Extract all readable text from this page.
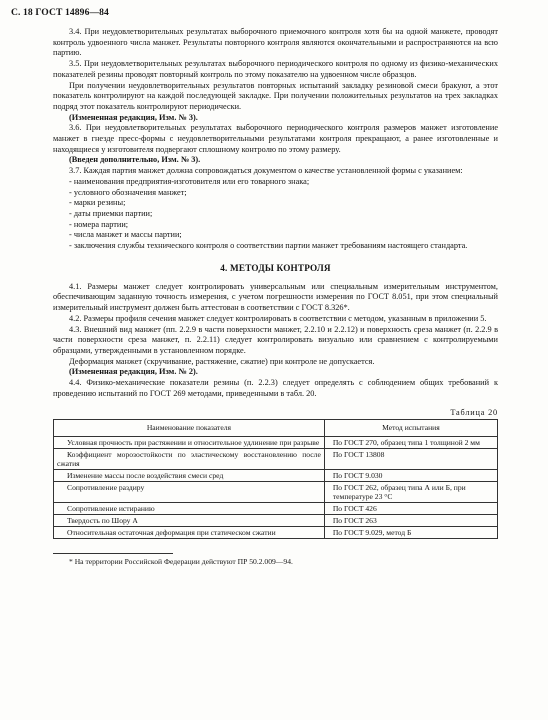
С. 18 ГОСТ 14896—84

3.4. При неудовлетворительных результатах выборочного приемочного контроля хотя бы на одной манжете, проводят контроль удвоенного числа манжет. Результаты повторного контроля являются окончательными и распространяются на всю партию.

3.5. При неудовлетворительных результатах выборочного периодического контроля по одному из физико-механических показателей резины проводят повторный контроль по этому показателю на удвоенном числе образцов.

При получении неудовлетворительных результатов повторных испытаний закладку резиновой смеси бракуют, а этот показатель контролируют на каждой последующей закладке. При получении положительных результатов на трех закладках подряд этот показатель контролируют периодически.

(Измененная редакция, Изм. № 3).

3.6. При неудовлетворительных результатах выборочного периодического контроля размеров манжет изготовление манжет в гнезде пресс-формы с неудовлетворительными результатами контроля прекращают, а ранее изготовленные и находящиеся у изготовителя подвергают сплошному контролю по этому размеру.

(Введен дополнительно, Изм. № 3).

3.7. Каждая партия манжет должна сопровождаться документом о качестве установленной формы с указанием:

- наименования предприятия-изготовителя или его товарного знака;

- условного обозначения манжет;

- марки резины;

- даты приемки партии;

- номера партии;

- числа манжет и массы партии;

- заключения службы технического контроля о соответствии партии манжет требованиям настоящего стандарта.

4. МЕТОДЫ КОНТРОЛЯ

4.1. Размеры манжет следует контролировать универсальным или специальным измерительным инструментом, обеспечивающим заданную точность измерения, с учетом погрешности измерения по ГОСТ 8.051, при этом специальный измерительный инструмент должен быть аттестован в соответствии с ГОСТ 8.326*.

4.2. Размеры профиля сечения манжет следует контролировать в соответствии с методом, указанным в приложении 5.

4.3. Внешний вид манжет (пп. 2.2.9 в части поверхности манжет, 2.2.10 и 2.2.12) и поверхность среза манжет (п. 2.2.9 в части поверхности среза манжет, п. 2.2.11) следует контролировать визуально или сравнением с контролируемыми образцами, утвержденными в установленном порядке.

Деформация манжет (скручивание, растяжение, сжатие) при контроле не допускается.

(Измененная редакция, Изм. № 2).

4.4. Физико-механические показатели резины (п. 2.2.3) следует определять с соблюдением общих требований к проведению испытаний по ГОСТ 269 методами, приведенными в табл. 20.

Таблица 20
Наименование показателя	Метод испытания
Условная прочность при растяжении и относительное удлинение при разрыве	По ГОСТ 270, образец типа 1 толщиной 2 мм
Коэффициент морозостойкости по эластическому восстановлению после сжатия	По ГОСТ 13808
Изменение массы после воздействия смеси сред	По ГОСТ 9.030
Сопротивление раздиру	По ГОСТ 262, образец типа А или Б, при температуре 23 °С
Сопротивление истиранию	По ГОСТ 426
Твердость по Шору А	По ГОСТ 263
Относительная остаточная деформация при статическом сжатии	По ГОСТ 9.029, метод Б

* На территории Российской Федерации действуют ПР 50.2.009—94.
